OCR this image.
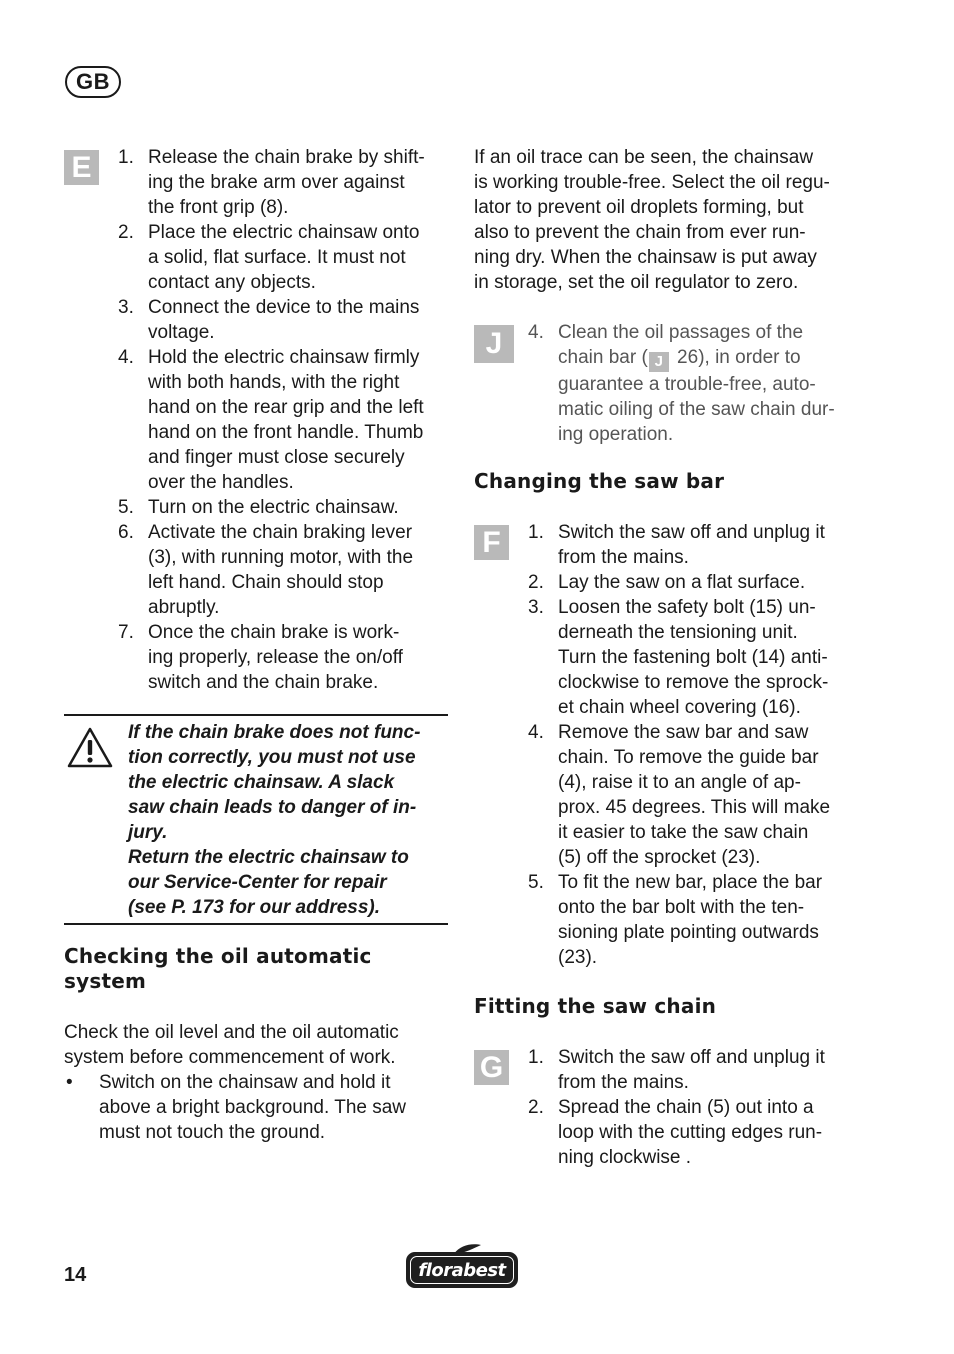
GB
E
J
F
G
1. Release the chain brake by shift-
ing the brake arm over against
the front grip (8).
2. Place the electric chainsaw onto
a solid, flat surface. It must not
contact any objects.
3. Connect the device to the mains
voltage.
4. Hold the electric chainsaw firmly
with both hands, with the right
hand on the rear grip and the left
hand on the front handle. Thumb
and finger must close securely
over the handles.
5. Turn on the electric chainsaw.
6. Activate the chain braking lever
(3), with running motor, with the
left hand. Chain should stop
abruptly.
7. Once the chain brake is work-
ing properly, release the on/off
switch and the chain brake.
If the chain brake does not func-
tion correctly, you must not use
the electric chainsaw. A slack
saw chain leads to danger of in-
jury.
Return the electric chainsaw to
our Service-Center for repair
(see P. 173 for our address).
Checking the oil automatic
system

Check the oil level and the oil automatic
system before commencement of work.

• Switch on the chainsaw and hold it
above a bright background. The saw
must not touch the ground.

If an oil trace can be seen, the chainsaw
is working trouble-free. Select the oil regu-
lator to prevent oil droplets forming, but
also to prevent the chain from ever run-
ning dry. When the chainsaw is put away
in storage, set the oil regulator to zero.

4. Clean the oil passages of the
chain bar ( J 26), in order to
guarantee a trouble-free, auto-
matic oiling of the saw chain dur-
ing operation.
Changing the saw bar
1. Switch the saw off and unplug it
from the mains.
2. Lay the saw on a flat surface.
3. Loosen the safety bolt (15) un-
derneath the tensioning unit.
Turn the fastening bolt (14) anti-
clockwise to remove the sprock-
et chain wheel covering (16).
4. Remove the saw bar and saw
chain. To remove the guide bar
(4), raise it to an angle of ap-
prox. 45 degrees. This will make
it easier to take the saw chain
(5) off the sprocket (23).
5. To fit the new bar, place the bar
onto the bar bolt with the ten-
sioning plate pointing outwards
(23).
Fitting the saw chain
1. Switch the saw off and unplug it
from the mains.
2. Spread the chain (5) out into a
loop with the cutting edges run-
ning clockwise .
14	florabest
